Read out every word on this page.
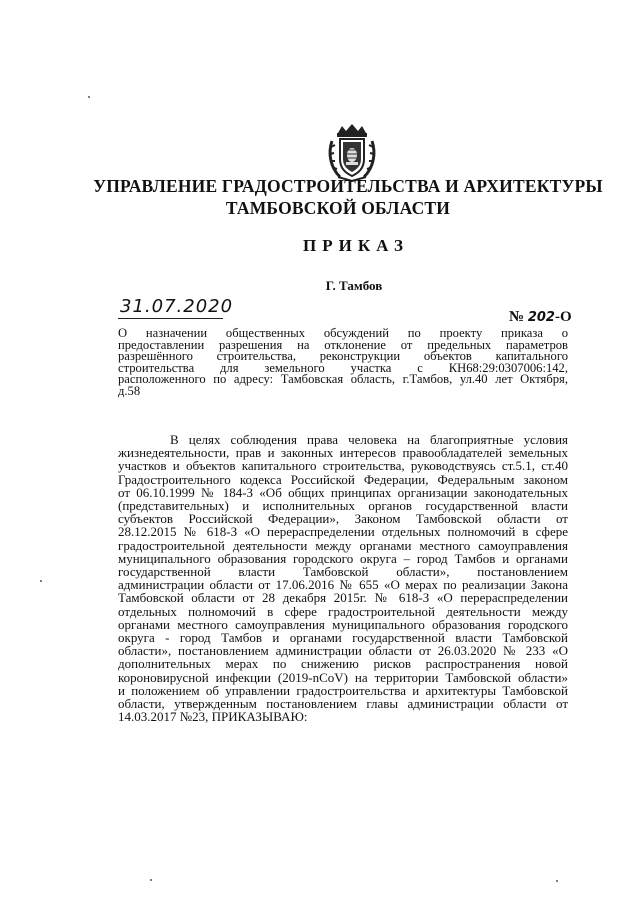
УПРАВЛЕНИЕ ГРАДОСТРОИТЕЛЬСТВА И АРХИТЕКТУРЫ
ТАМБОВСКОЙ ОБЛАСТИ
ПРИКАЗ
Г. Тамбов
31.07.2020	№ 202-О
О назначении общественных обсуждений по проекту приказа о
предоставлении разрешения на отклонение от предельных параметров
разрешённого строительства, реконструкции объектов капитального
строительства для земельного участка с КН68:29:0307006:142,
расположенного по адресу: Тамбовская область, г.Тамбов, ул.40 лет Октября,
д.58
В целях соблюдения права человека на благоприятные условия
жизнедеятельности, прав и законных интересов правообладателей земельных
участков и объектов капитального строительства, руководствуясь ст.5.1, ст.40
Градостроительного кодекса Российской Федерации, Федеральным законом
от 06.10.1999 № 184-З «Об общих принципах организации законодательных
(представительных) и исполнительных органов государственной власти
субъектов Российской Федерации», Законом Тамбовской области от
28.12.2015 № 618-З «О перераспределении отдельных полномочий в сфере
градостроительной деятельности между органами местного самоуправления
муниципального образования городского округа – город Тамбов и органами
государственной власти Тамбовской области», постановлением
администрации области от 17.06.2016 № 655 «О мерах по реализации Закона
Тамбовской области от 28 декабря 2015г. № 618-З «О перераспределении
отдельных полномочий в сфере градостроительной деятельности между
органами местного самоуправления муниципального образования городского
округа - город Тамбов и органами государственной власти Тамбовской
области», постановлением администрации области от 26.03.2020 № 233 «О
дополнительных мерах по снижению рисков распространения новой
короновирусной инфекции (2019-nCoV) на территории Тамбовской области»
и положением об управлении градостроительства и архитектуры Тамбовской
области, утвержденным постановлением главы администрации области от
14.03.2017 №23, ПРИКАЗЫВАЮ:
